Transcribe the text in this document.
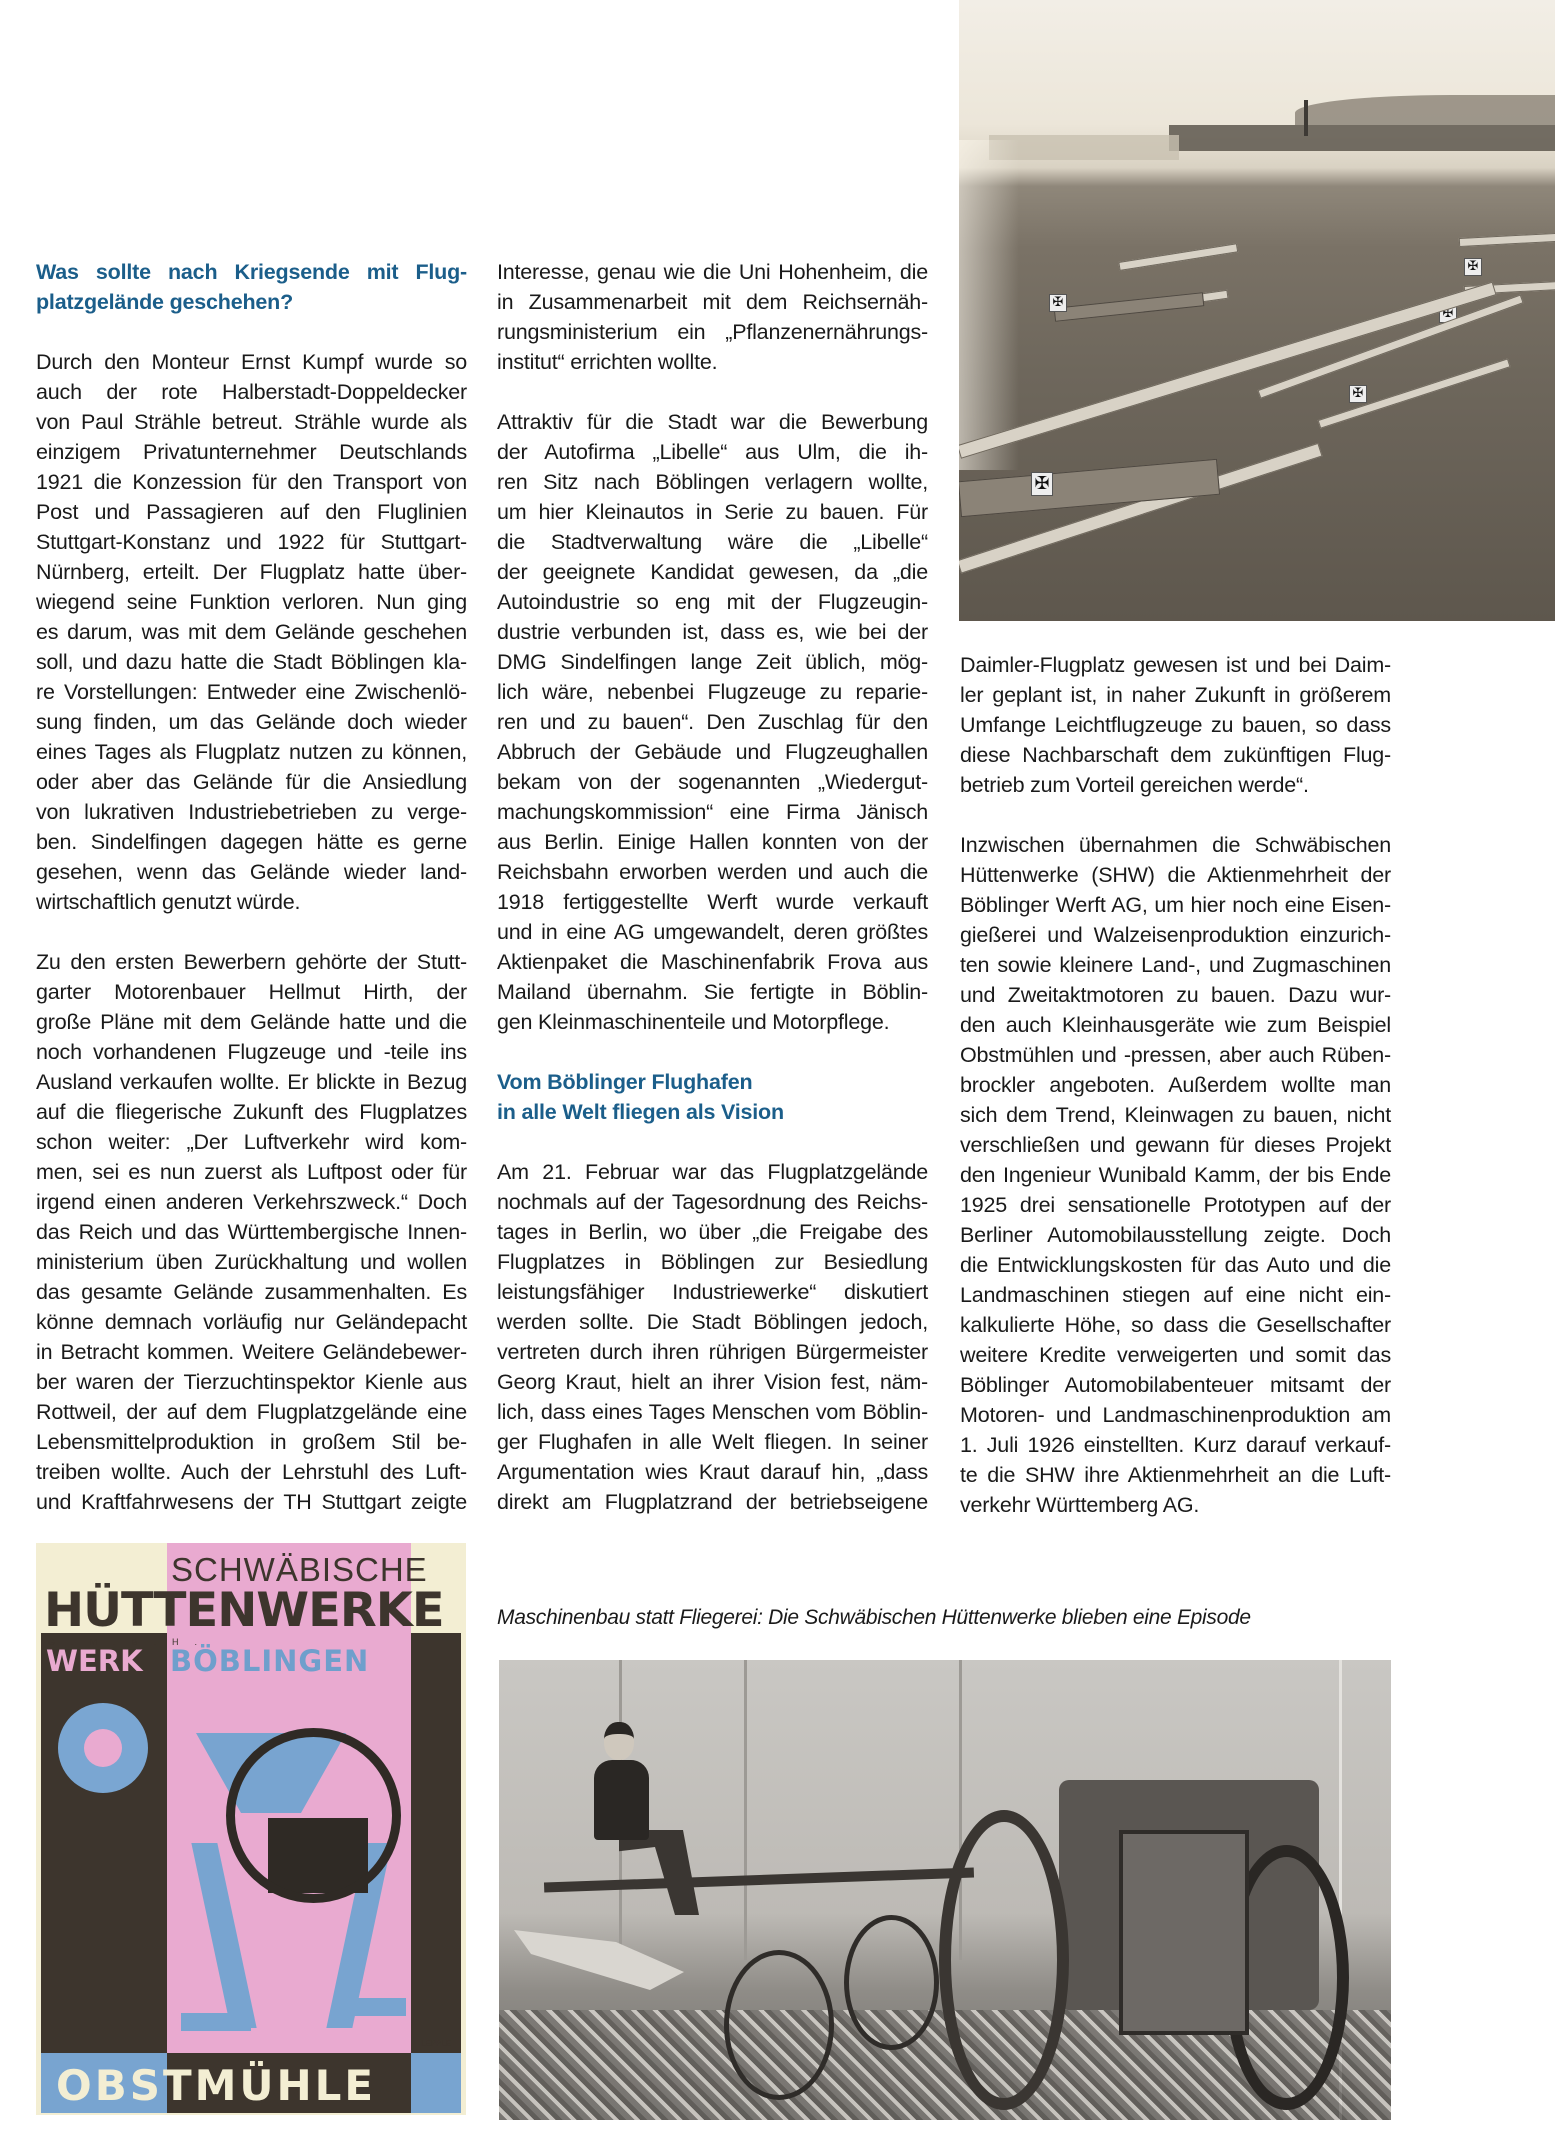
✠
✠
✠
✠
✠
Was sollte nach Kriegsende mit Flug-
platzgelände geschehen?
Durch den Monteur Ernst Kumpf wurde so
auch der rote Halberstadt-Doppeldecker
von Paul Strähle betreut. Strähle wurde als
einzigem Privatunternehmer Deutschlands
1921 die Konzession für den Transport von
Post und Passagieren auf den Fluglinien
Stuttgart-Konstanz und 1922 für Stuttgart-
Nürnberg, erteilt. Der Flugplatz hatte über-
wiegend seine Funktion verloren. Nun ging
es darum, was mit dem Gelände geschehen
soll, und dazu hatte die Stadt Böblingen kla-
re Vorstellungen: Entweder eine Zwischenlö-
sung finden, um das Gelände doch wieder
eines Tages als Flugplatz nutzen zu können,
oder aber das Gelände für die Ansiedlung
von lukrativen Industriebetrieben zu verge-
ben. Sindelfingen dagegen hätte es gerne
gesehen, wenn das Gelände wieder land-
wirtschaftlich genutzt würde.
Zu den ersten Bewerbern gehörte der Stutt-
garter Motorenbauer Hellmut Hirth, der
große Pläne mit dem Gelände hatte und die
noch vorhandenen Flugzeuge und -teile ins
Ausland verkaufen wollte. Er blickte in Bezug
auf die fliegerische Zukunft des Flugplatzes
schon weiter: „Der Luftverkehr wird kom-
men, sei es nun zuerst als Luftpost oder für
irgend einen anderen Verkehrszweck.“ Doch
das Reich und das Württembergische Innen-
ministerium üben Zurückhaltung und wollen
das gesamte Gelände zusammenhalten. Es
könne demnach vorläufig nur Geländepacht
in Betracht kommen. Weitere Geländebewer-
ber waren der Tierzuchtinspektor Kienle aus
Rottweil, der auf dem Flugplatzgelände eine
Lebensmittelproduktion in großem Stil be-
treiben wollte. Auch der Lehrstuhl des Luft-
und Kraftfahrwesens der TH Stuttgart zeigte
Interesse, genau wie die Uni Hohenheim, die
in Zusammenarbeit mit dem Reichsernäh-
rungsministerium ein „Pflanzenernährungs-
institut“ errichten wollte.
Attraktiv für die Stadt war die Bewerbung
der Autofirma „Libelle“ aus Ulm, die ih-
ren Sitz nach Böblingen verlagern wollte,
um hier Kleinautos in Serie zu bauen. Für
die Stadtverwaltung wäre die „Libelle“
der geeignete Kandidat gewesen, da „die
Autoindustrie so eng mit der Flugzeugin-
dustrie verbunden ist, dass es, wie bei der
DMG Sindelfingen lange Zeit üblich, mög-
lich wäre, nebenbei Flugzeuge zu reparie-
ren und zu bauen“. Den Zuschlag für den
Abbruch der Gebäude und Flugzeughallen
bekam von der sogenannten „Wiedergut-
machungskommission“ eine Firma Jänisch
aus Berlin. Einige Hallen konnten von der
Reichsbahn erworben werden und auch die
1918 fertiggestellte Werft wurde verkauft
und in eine AG umgewandelt, deren größtes
Aktienpaket die Maschinenfabrik Frova aus
Mailand übernahm. Sie fertigte in Böblin-
gen Kleinmaschinenteile und Motorpflege.
Vom Böblinger Flughafen
in alle Welt fliegen als Vision
Am 21. Februar war das Flugplatzgelände
nochmals auf der Tagesordnung des Reichs-
tages in Berlin, wo über „die Freigabe des
Flugplatzes in Böblingen zur Besiedlung
leistungsfähiger Industriewerke“ diskutiert
werden sollte. Die Stadt Böblingen jedoch,
vertreten durch ihren rührigen Bürgermeister
Georg Kraut, hielt an ihrer Vision fest, näm-
lich, dass eines Tages Menschen vom Böblin-
ger Flughafen in alle Welt fliegen. In seiner
Argumentation wies Kraut darauf hin, „dass
direkt am Flugplatzrand der betriebseigene
Daimler-Flugplatz gewesen ist und bei Daim-
ler geplant ist, in naher Zukunft in größerem
Umfange Leichtflugzeuge zu bauen, so dass
diese Nachbarschaft dem zukünftigen Flug-
betrieb zum Vorteil gereichen werde“.
Inzwischen übernahmen die Schwäbischen
Hüttenwerke (SHW) die Aktienmehrheit der
Böblinger Werft AG, um hier noch eine Eisen-
gießerei und Walzeisenproduktion einzurich-
ten sowie kleinere Land-, und Zugmaschinen
und Zweitaktmotoren zu bauen. Dazu wur-
den auch Kleinhausgeräte wie zum Beispiel
Obstmühlen und -pressen, aber auch Rüben-
brockler angeboten. Außerdem wollte man
sich dem Trend, Kleinwagen zu bauen, nicht
verschließen und gewann für dieses Projekt
den Ingenieur Wunibald Kamm, der bis Ende
1925 drei sensationelle Prototypen auf der
Berliner Automobilausstellung zeigte. Doch
die Entwicklungskosten für das Auto und die
Landmaschinen stiegen auf eine nicht ein-
kalkulierte Höhe, so dass die Gesellschafter
weitere Kredite verweigerten und somit das
Böblinger Automobilabenteuer mitsamt der
Motoren- und Landmaschinenproduktion am
1. Juli 1926 einstellten. Kurz darauf verkauf-
te die SHW ihre Aktienmehrheit an die Luft-
verkehr Württemberg AG.
SCHWÄBISCHE
HÜTTENWERKE
G.M.B.H.
WERK BÖBLINGEN
LEPPLE
OBSTMÜHLE
Maschinenbau statt Fliegerei: Die Schwäbischen Hüttenwerke blieben eine Episode
